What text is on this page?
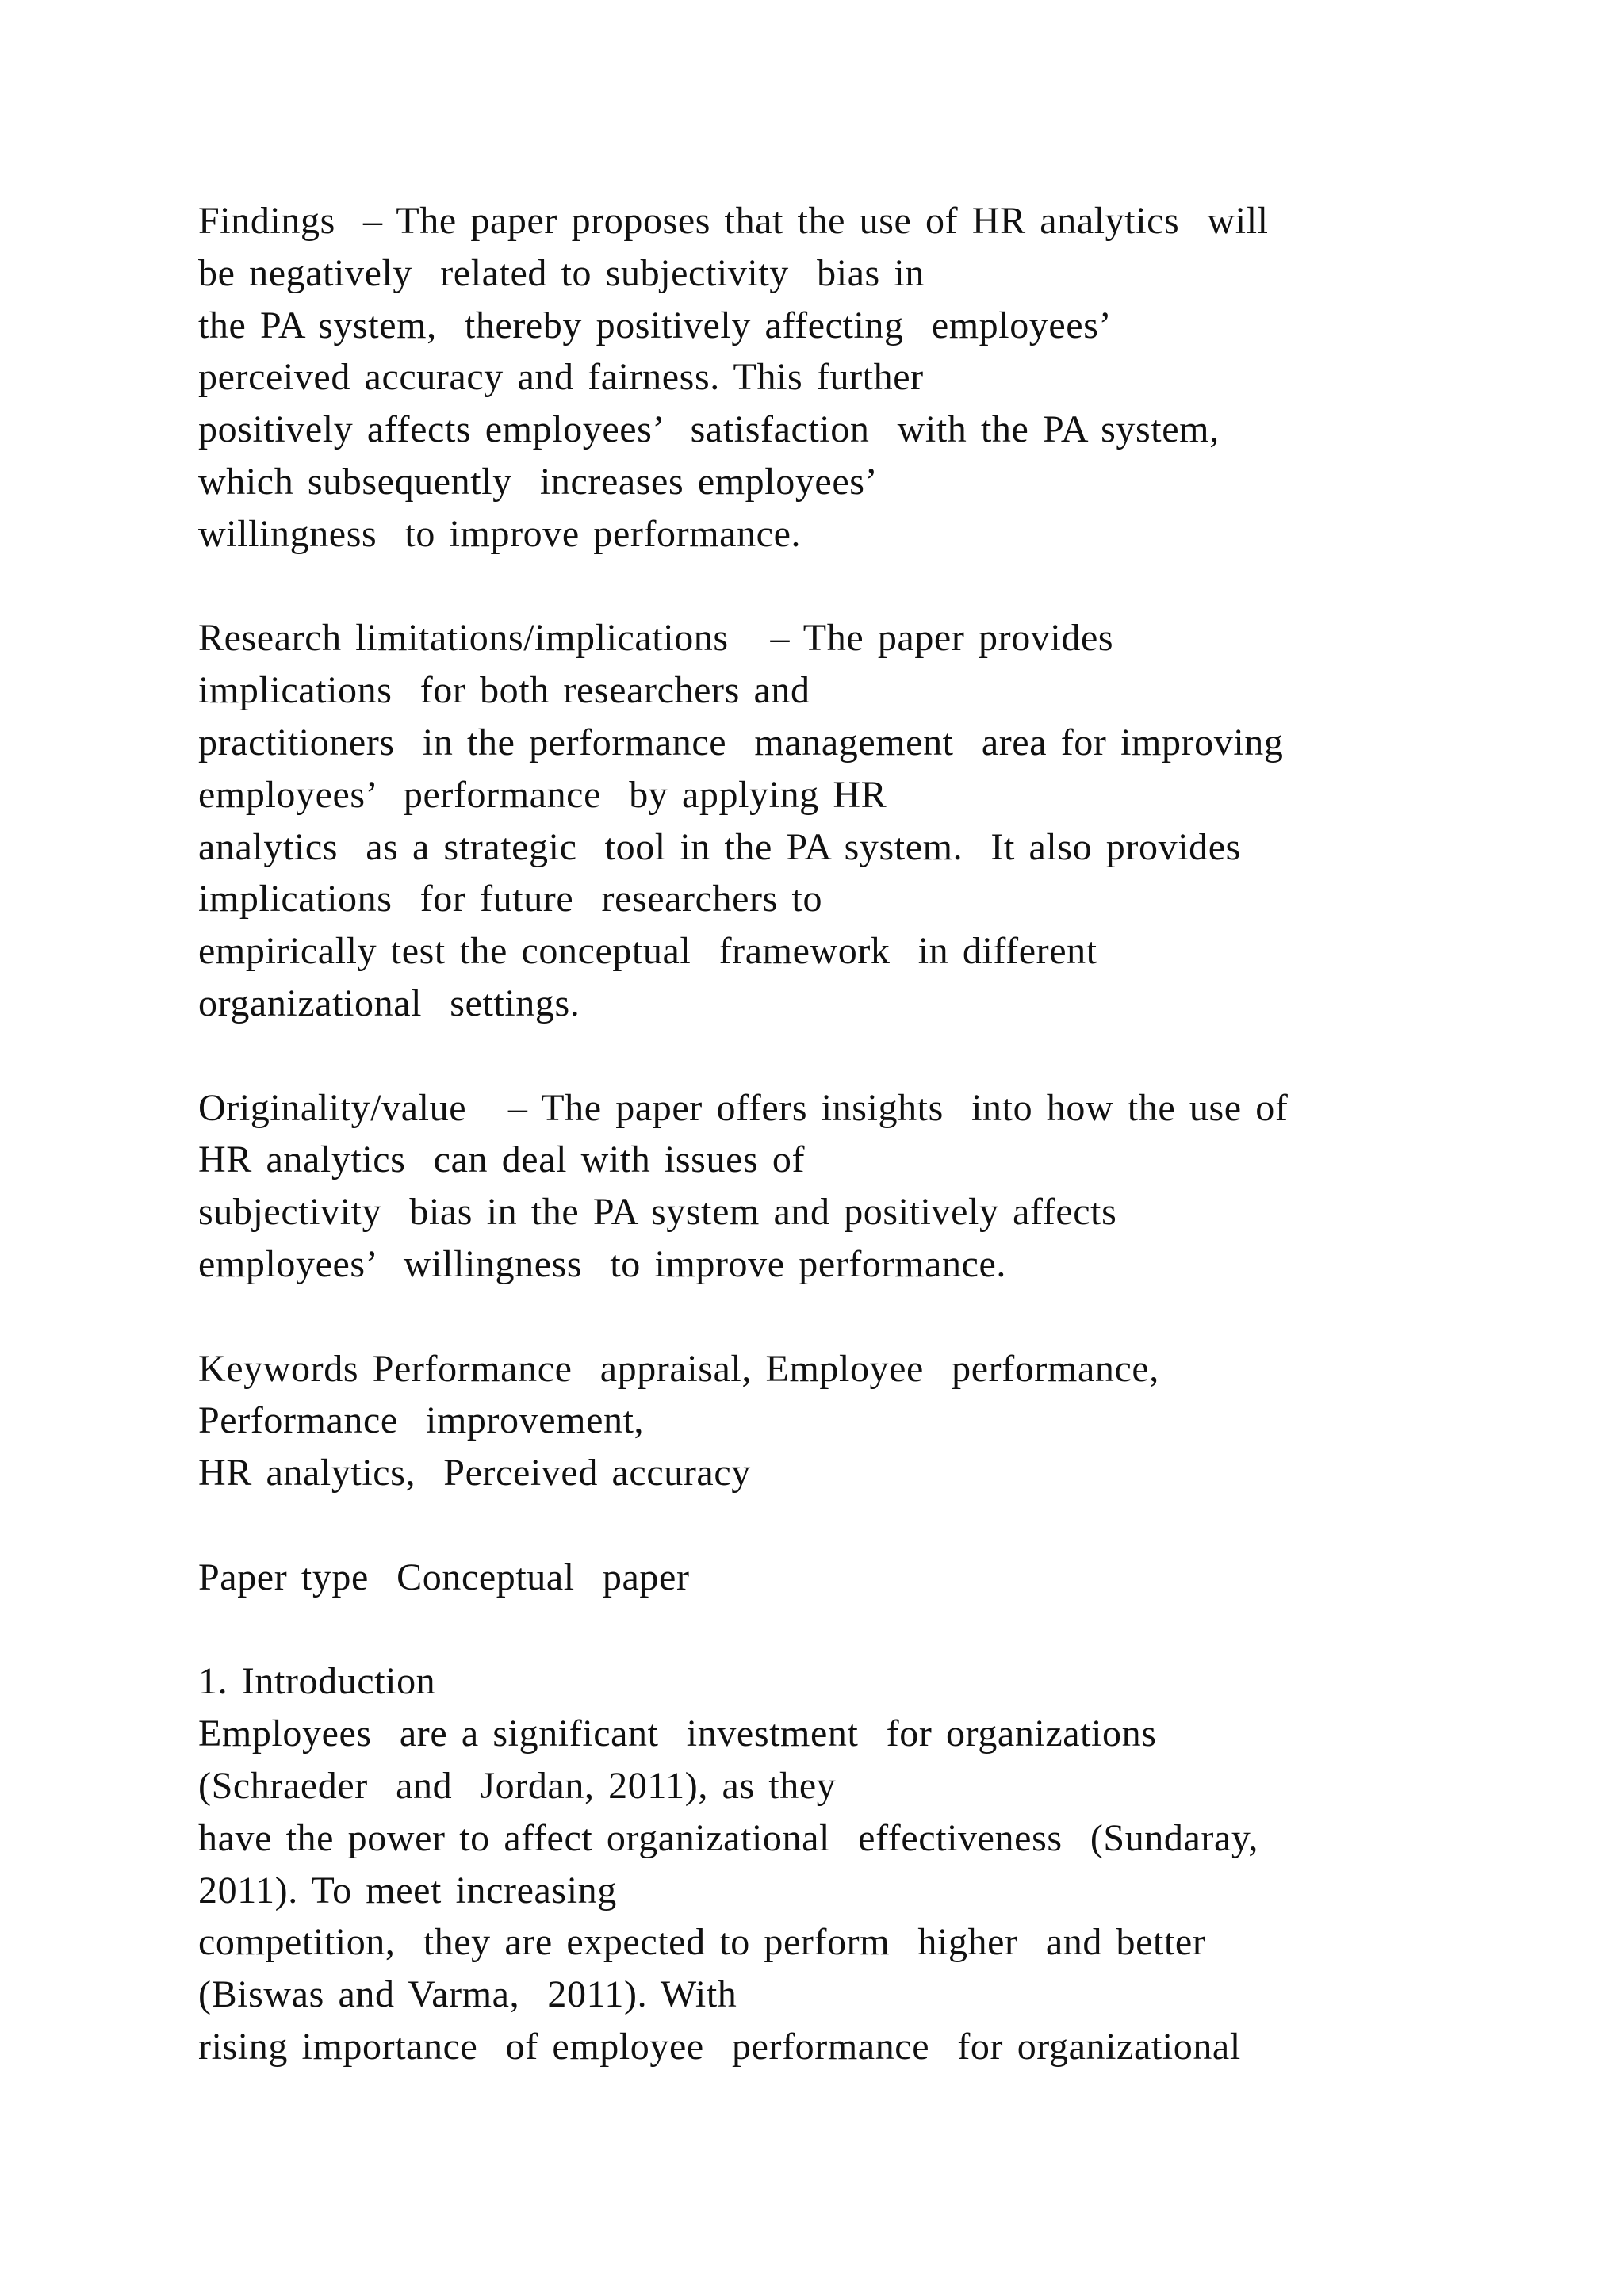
Findings  – The paper proposes that the use of HR analytics  will
be negatively  related to subjectivity  bias in
the PA system,  thereby positively affecting  employees’
perceived accuracy and fairness. This further
positively affects employees’  satisfaction  with the PA system,
which subsequently  increases employees’
willingness  to improve performance.
Research limitations/implications   – The paper provides
implications  for both researchers and
practitioners  in the performance  management  area for improving
employees’  performance  by applying HR
analytics  as a strategic  tool in the PA system.  It also provides
implications  for future  researchers to
empirically test the conceptual  framework  in different
organizational  settings.
Originality/value   – The paper offers insights  into how the use of
HR analytics  can deal with issues of
subjectivity  bias in the PA system and positively affects
employees’  willingness  to improve performance.
Keywords Performance  appraisal, Employee  performance,
Performance  improvement,
HR analytics,  Perceived accuracy
Paper type  Conceptual  paper
1. Introduction
Employees  are a significant  investment  for organizations
(Schraeder  and  Jordan, 2011), as they
have the power to affect organizational  effectiveness  (Sundaray,
2011). To meet increasing
competition,  they are expected to perform  higher  and better
(Biswas and Varma,  2011). With
rising importance  of employee  performance  for organizational
